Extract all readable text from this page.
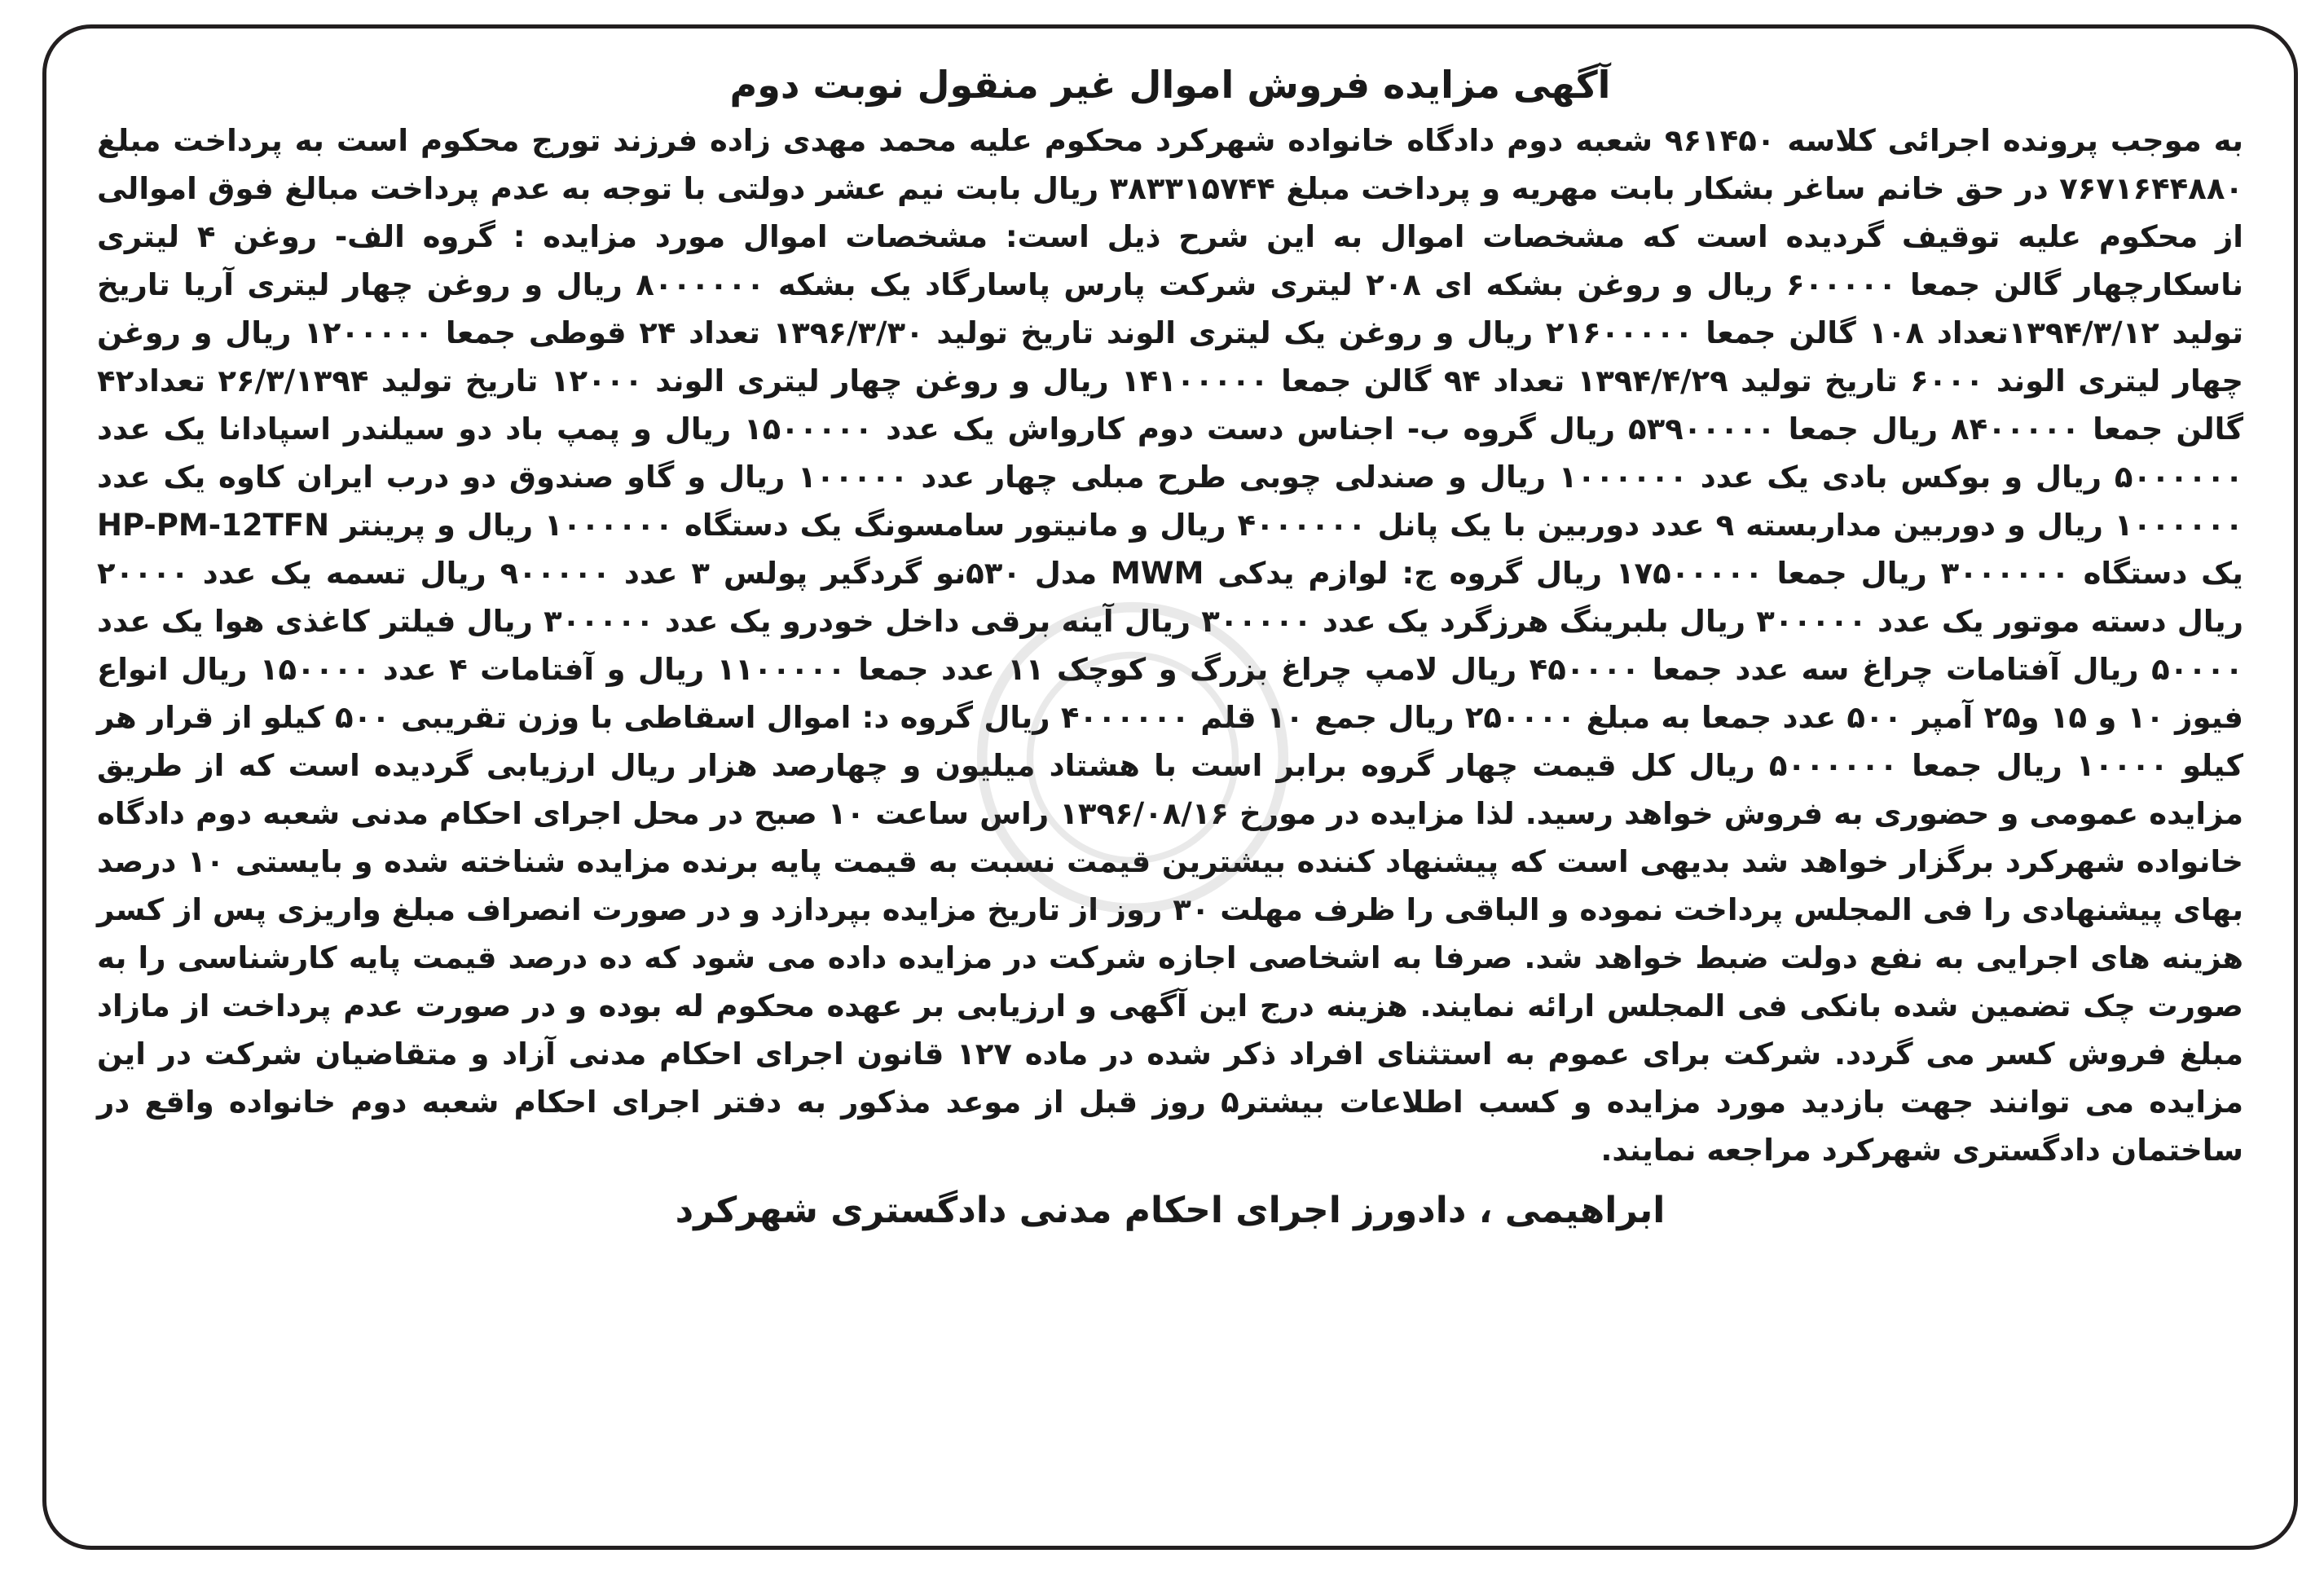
آگهی مزایده فروش اموال غیر منقول نوبت دوم

به موجب پرونده اجرائی کلاسه ۹۶۱۴۵۰ شعبه دوم دادگاه خانواده شهرکرد محکوم علیه محمد مهدی زاده فرزند تورج محکوم است به پرداخت مبلغ ۷۶۷۱۶۴۴۸۸۰ در حق خانم ساغر بشکار بابت مهریه و پرداخت مبلغ ۳۸۳۳۱۵۷۴۴ ریال بابت نیم عشر دولتی با توجه به عدم پرداخت مبالغ فوق اموالی از محکوم علیه توقیف گردیده است که مشخصات اموال به این شرح ذیل است: مشخصات اموال مورد مزایده : گروه الف- روغن ۴ لیتری ناسکارچهار گالن جمعا ۶۰۰۰۰۰ ریال و روغن بشکه ای ۲۰۸ لیتری شرکت پارس پاسارگاد یک بشکه ۸۰۰۰۰۰۰ ریال و روغن چهار لیتری آریا تاریخ تولید ۱۳۹۴/۳/۱۲تعداد ۱۰۸ گالن جمعا ۲۱۶۰۰۰۰۰ ریال و روغن یک لیتری الوند تاریخ تولید ۱۳۹۶/۳/۳۰ تعداد ۲۴ قوطی جمعا ۱۲۰۰۰۰۰ ریال و روغن چهار لیتری الوند ۶۰۰۰ تاریخ تولید ۱۳۹۴/۴/۲۹ تعداد ۹۴ گالن جمعا ۱۴۱۰۰۰۰۰ ریال و روغن چهار لیتری الوند ۱۲۰۰۰ تاریخ تولید ۲۶/۳/۱۳۹۴ تعداد۴۲ گالن جمعا ۸۴۰۰۰۰۰ ریال جمعا ۵۳۹۰۰۰۰۰ ریال گروه ب- اجناس دست دوم کارواش یک عدد ۱۵۰۰۰۰۰ ریال و پمپ باد دو سیلندر اسپادانا یک عدد ۵۰۰۰۰۰۰ ریال و بوکس بادی یک عدد ۱۰۰۰۰۰۰ ریال و صندلی چوبی طرح مبلی چهار عدد ۱۰۰۰۰۰ ریال و گاو صندوق دو درب ایران کاوه یک عدد ۱۰۰۰۰۰۰ ریال و دوربین مداربسته ۹ عدد دوربین با یک پانل ۴۰۰۰۰۰۰ ریال و مانیتور سامسونگ یک دستگاه ۱۰۰۰۰۰۰ ریال و پرینتر HP-PM-12TFN یک دستگاه ۳۰۰۰۰۰۰ ریال جمعا ۱۷۵۰۰۰۰۰ ریال گروه ج: لوازم یدکی MWM مدل ۵۳۰نو گردگیر پولس ۳ عدد ۹۰۰۰۰۰ ریال تسمه یک عدد ۲۰۰۰۰ ریال دسته موتور یک عدد ۳۰۰۰۰۰ ریال بلبرینگ هرزگرد یک عدد ۳۰۰۰۰۰ ریال آینه برقی داخل خودرو یک عدد ۳۰۰۰۰۰ ریال فیلتر کاغذی هوا یک عدد ۵۰۰۰۰ ریال آفتامات چراغ سه عدد جمعا ۴۵۰۰۰۰ ریال لامپ چراغ بزرگ و کوچک ۱۱ عدد جمعا ۱۱۰۰۰۰۰ ریال و آفتامات ۴ عدد ۱۵۰۰۰۰ ریال انواع فیوز ۱۰ و ۱۵ و۲۵ آمپر ۵۰۰ عدد جمعا به مبلغ ۲۵۰۰۰۰ ریال جمع ۱۰ قلم ۴۰۰۰۰۰۰ ریال گروه د: اموال اسقاطی با وزن تقریبی ۵۰۰ کیلو از قرار هر کیلو ۱۰۰۰۰ ریال جمعا ۵۰۰۰۰۰۰ ریال کل قیمت چهار گروه برابر است با هشتاد میلیون و چهارصد هزار ریال ارزیابی گردیده است که از طریق مزایده عمومی و حضوری به فروش خواهد رسید. لذا مزایده در مورخ ۱۳۹۶/۰۸/۱۶ راس ساعت ۱۰ صبح در محل اجرای احکام مدنی شعبه دوم دادگاه خانواده شهرکرد برگزار خواهد شد بدیهی است که پیشنهاد کننده بیشترین قیمت نسبت به قیمت پایه برنده مزایده شناخته شده و بایستی ۱۰ درصد بهای پیشنهادی را فی المجلس پرداخت نموده و الباقی را ظرف مهلت ۳۰ روز از تاریخ مزایده بپردازد و در صورت انصراف مبلغ واریزی پس از کسر هزینه های اجرایی به نفع دولت ضبط خواهد شد. صرفا به اشخاصی اجازه شرکت در مزایده داده می شود که ده درصد قیمت پایه کارشناسی را به صورت چک تضمین شده بانکی فی المجلس ارائه نمایند. هزینه درج این آگهی و ارزیابی بر عهده محکوم له بوده و در صورت عدم پرداخت از مازاد مبلغ فروش کسر می گردد. شرکت برای عموم به استثنای افراد ذکر شده در ماده ۱۲۷ قانون اجرای احکام مدنی آزاد و متقاضیان شرکت در این مزایده می توانند جهت بازدید مورد مزایده و کسب اطلاعات بیشتر۵ روز قبل از موعد مذکور به دفتر اجرای احکام شعبه دوم خانواده واقع در ساختمان دادگستری شهرکرد مراجعه نمایند.

ابراهیمی ، دادورز اجرای احکام مدنی دادگستری شهرکرد
